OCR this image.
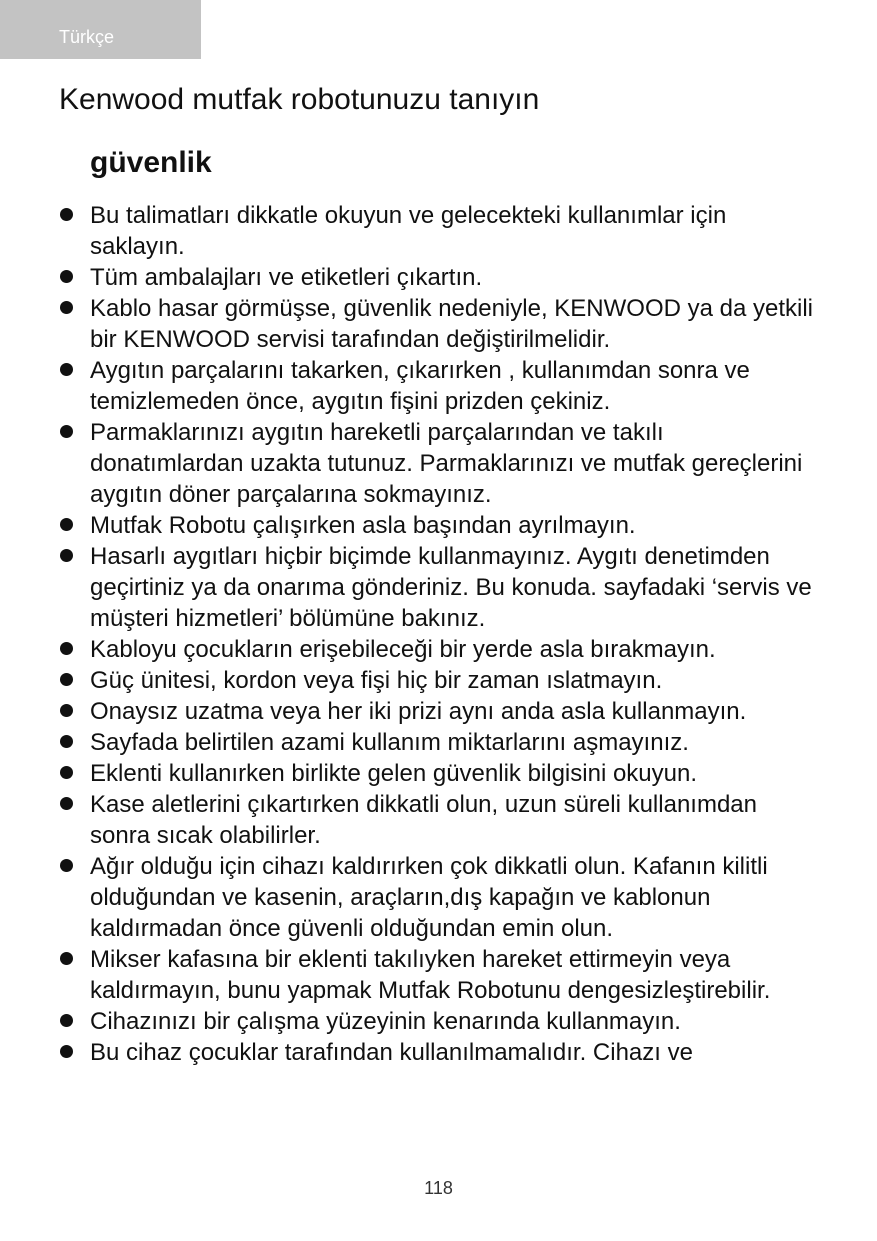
Türkçe
Kenwood mutfak robotunuzu tanıyın
güvenlik
Bu talimatları dikkatle okuyun ve gelecekteki kullanımlar için saklayın.
Tüm ambalajları ve etiketleri çıkartın.
Kablo hasar görmüşse, güvenlik nedeniyle, KENWOOD ya da yetkili bir KENWOOD servisi tarafından değiştirilmelidir.
Aygıtın parçalarını takarken, çıkarırken , kullanımdan sonra ve temizlemeden önce, aygıtın fişini prizden çekiniz.
Parmaklarınızı aygıtın hareketli parçalarından ve takılı donatımlardan uzakta tutunuz. Parmaklarınızı ve mutfak gereçlerini aygıtın döner parçalarına sokmayınız.
Mutfak Robotu çalışırken asla başından ayrılmayın.
Hasarlı aygıtları hiçbir biçimde kullanmayınız. Aygıtı denetimden geçirtiniz ya da onarıma gönderiniz. Bu konuda. sayfadaki ‘servis ve müşteri hizmetleri’ bölümüne bakınız.
Kabloyu çocukların erişebileceği bir yerde asla bırakmayın.
Güç ünitesi, kordon veya fişi hiç bir zaman ıslatmayın.
Onaysız uzatma veya her iki prizi aynı anda asla kullanmayın.
Sayfada belirtilen azami kullanım miktarlarını aşmayınız.
Eklenti kullanırken birlikte gelen güvenlik bilgisini okuyun.
Kase aletlerini çıkartırken dikkatli olun, uzun süreli kullanımdan sonra sıcak olabilirler.
Ağır olduğu için cihazı kaldırırken çok dikkatli olun. Kafanın kilitli olduğundan ve kasenin, araçların,dış kapağın ve kablonun kaldırmadan önce güvenli olduğundan emin olun.
Mikser kafasına bir eklenti takılıyken hareket ettirmeyin veya kaldırmayın, bunu yapmak Mutfak Robotunu dengesizleştirebilir.
Cihazınızı bir çalışma yüzeyinin kenarında kullanmayın.
Bu cihaz çocuklar tarafından kullanılmamalıdır. Cihazı ve
118
